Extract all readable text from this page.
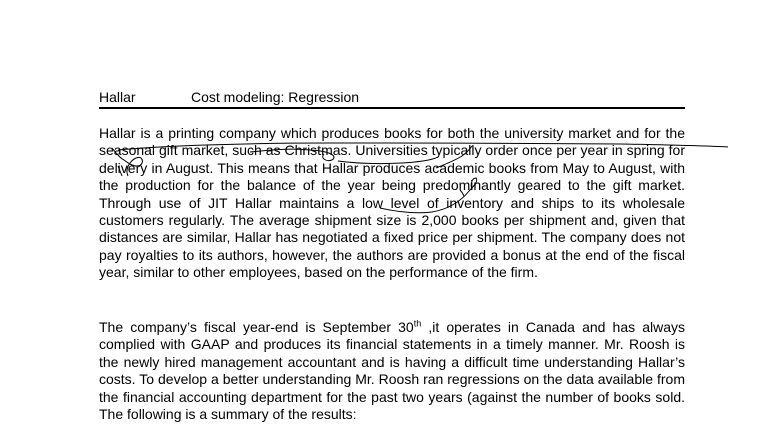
Hallar	Cost modeling: Regression

Hallar is a printing company which produces books for both the university market and for the seasonal gift market, such as Christmas. Universities typically order once per year in spring for delivery in August. This means that Hallar produces academic books from May to August, with the production for the balance of the year being predominantly geared to the gift market. Through use of JIT Hallar maintains a low level of inventory and ships to its wholesale customers regularly. The average shipment size is 2,000 books per shipment and, given that distances are similar, Hallar has negotiated a fixed price per shipment. The company does not pay royalties to its authors, however, the authors are provided a bonus at the end of the fiscal year, similar to other employees, based on the performance of the firm.

The company’s fiscal year-end is September 30th ,it operates in Canada and has always complied with GAAP and produces its financial statements in a timely manner. Mr. Roosh is the newly hired management accountant and is having a difficult time understanding Hallar’s costs. To develop a better understanding Mr. Roosh ran regressions on the data available from the financial accounting department for the past two years (against the number of books sold. The following is a summary of the results:
